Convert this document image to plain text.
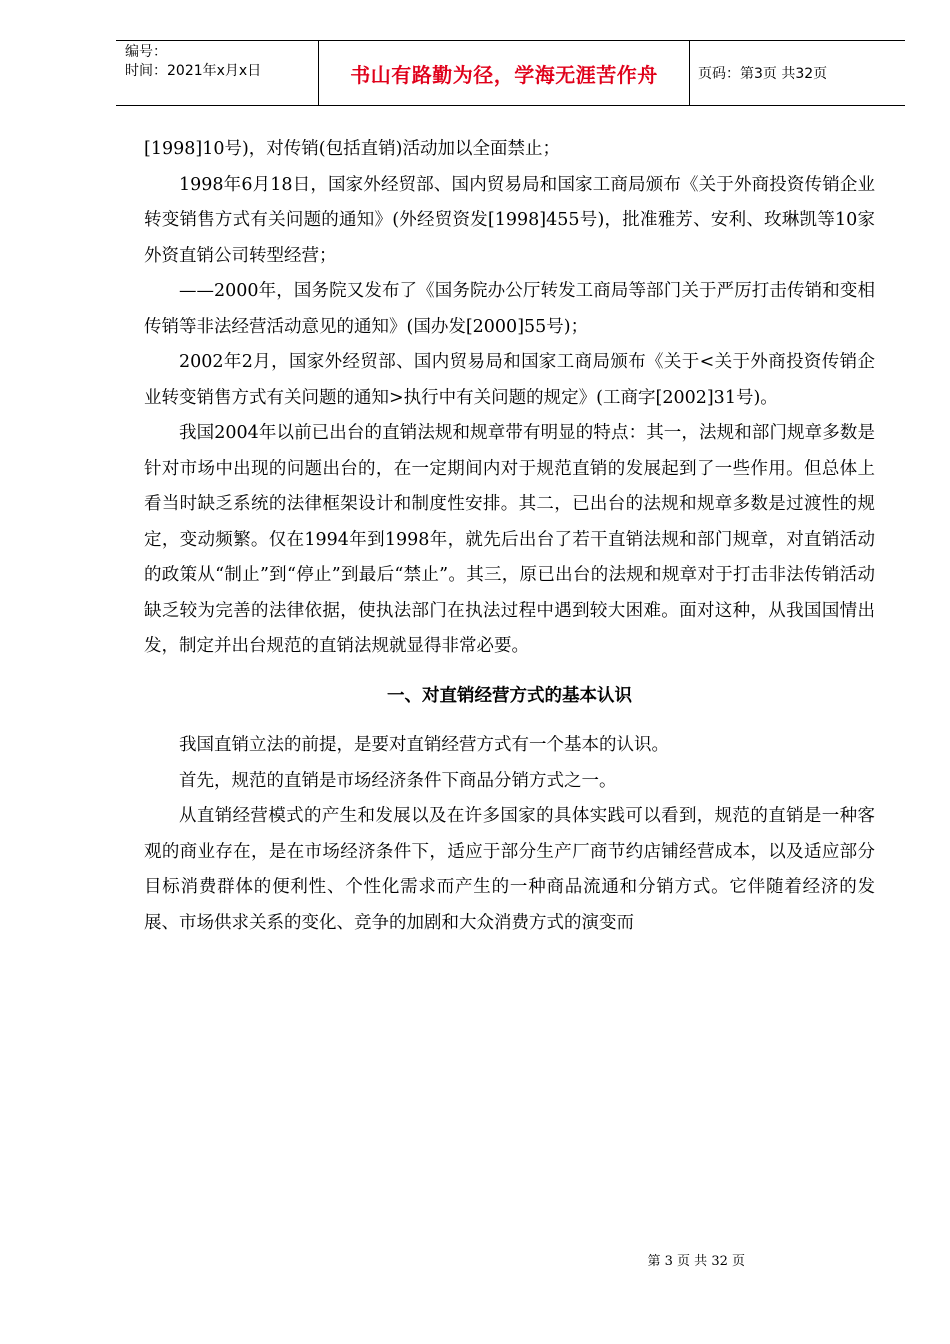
编号：
时间：2021年x月x日	书山有路勤为径，学海无涯苦作舟	页码：第3页 共32页

[1998]10号)，对传销(包括直销)活动加以全面禁止；

1998年6月18日，国家外经贸部、国内贸易局和国家工商局颁布《关于外商投资传销企业转变销售方式有关问题的通知》(外经贸资发[1998]455号)，批准雅芳、安利、玫琳凯等10家外资直销公司转型经营；

——2000年，国务院又发布了《国务院办公厅转发工商局等部门关于严厉打击传销和变相传销等非法经营活动意见的通知》(国办发[2000]55号)；

2002年2月，国家外经贸部、国内贸易局和国家工商局颁布《关于<关于外商投资传销企业转变销售方式有关问题的通知>执行中有关问题的规定》(工商字[2002]31号)。

我国2004年以前已出台的直销法规和规章带有明显的特点：其一，法规和部门规章多数是针对市场中出现的问题出台的，在一定期间内对于规范直销的发展起到了一些作用。但总体上看当时缺乏系统的法律框架设计和制度性安排。其二，已出台的法规和规章多数是过渡性的规定，变动频繁。仅在1994年到1998年，就先后出台了若干直销法规和部门规章，对直销活动的政策从“制止”到“停止”到最后“禁止”。其三，原已出台的法规和规章对于打击非法传销活动缺乏较为完善的法律依据，使执法部门在执法过程中遇到较大困难。面对这种，从我国国情出发，制定并出台规范的直销法规就显得非常必要。

一、对直销经营方式的基本认识

我国直销立法的前提，是要对直销经营方式有一个基本的认识。

首先，规范的直销是市场经济条件下商品分销方式之一。

从直销经营模式的产生和发展以及在许多国家的具体实践可以看到，规范的直销是一种客观的商业存在，是在市场经济条件下，适应于部分生产厂商节约店铺经营成本，以及适应部分目标消费群体的便利性、个性化需求而产生的一种商品流通和分销方式。它伴随着经济的发展、市场供求关系的变化、竞争的加剧和大众消费方式的演变而

第 3 页 共 32 页
